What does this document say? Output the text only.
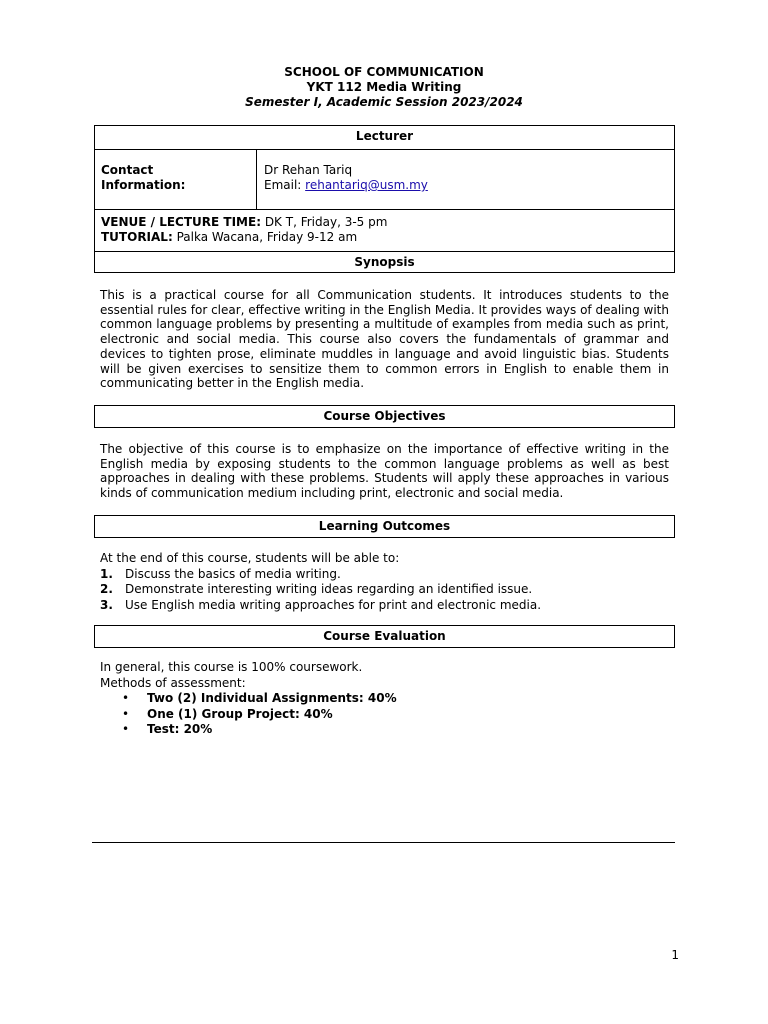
SCHOOL OF COMMUNICATION
YKT 112 Media Writing
Semester I, Academic Session 2023/2024
Lecturer
Contact
Information:
Dr Rehan Tariq
Email: rehantariq@usm.my
VENUE / LECTURE TIME: DK T, Friday, 3-5 pm
TUTORIAL: Palka Wacana, Friday 9-12 am
Synopsis
This is a practical course for all Communication students. It introduces students to the essential rules for clear, effective writing in the English Media. It provides ways of dealing with common language problems by presenting a multitude of examples from media such as print, electronic and social media. This course also covers the fundamentals of grammar and devices to tighten prose, eliminate muddles in language and avoid linguistic bias. Students will be given exercises to sensitize them to common errors in English to enable them in communicating better in the English media.
Course Objectives
The objective of this course is to emphasize on the importance of effective writing in the English media by exposing students to the common language problems as well as best approaches in dealing with these problems. Students will apply these approaches in various kinds of communication medium including print, electronic and social media.
Learning Outcomes
At the end of this course, students will be able to:
1. Discuss the basics of media writing.
2. Demonstrate interesting writing ideas regarding an identified issue.
3. Use English media writing approaches for print and electronic media.
Course Evaluation
In general, this course is 100% coursework.
Methods of assessment:
• Two (2) Individual Assignments: 40%
• One (1) Group Project: 40%
• Test: 20%
1
